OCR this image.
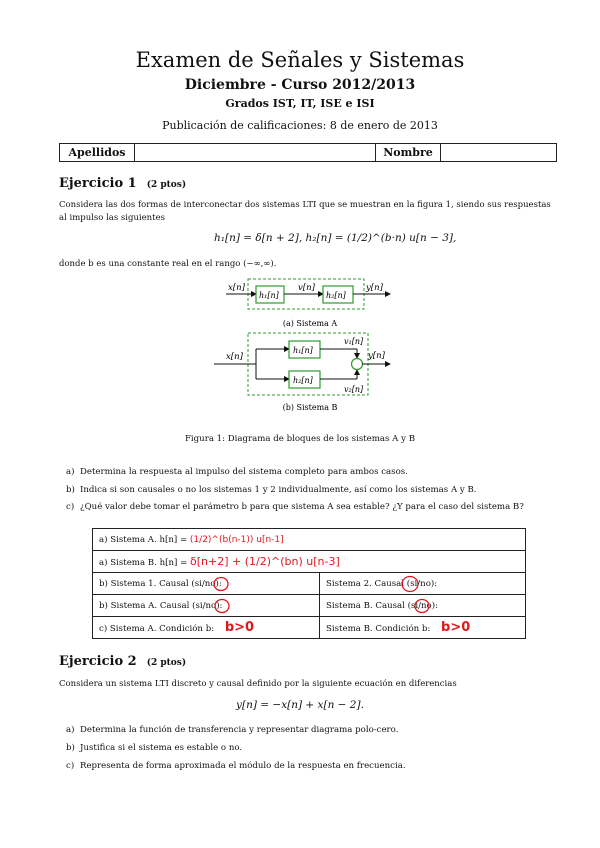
Examen de Señales y Sistemas
Diciembre - Curso 2012/2013
Grados IST, IT, ISE e ISI
Publicación de calificaciones: 8 de enero de 2013
Apellidos		Nombre	
Ejercicio 1 (2 ptos)
Considera las dos formas de interconectar dos sistemas LTI que se muestran en la figura 1, siendo sus respuestas
al impulso las siguientes
h₁[n] = δ[n + 2], h₂[n] = (1/2)^(b·n) u[n − 3],
donde b es una constante real en el rango (−∞,∞).
x[n]
h₁[n]
v[n]
h₂[n]
y[n]
(a) Sistema A
x[n]
h₁[n]
h₂[n]
v₁[n]
v₂[n]
y[n]
(b) Sistema B
Figura 1: Diagrama de bloques de los sistemas A y B
a) Determina la respuesta al impulso del sistema completo para ambos casos.
b) Indica si son causales o no los sistemas 1 y 2 individualmente, así como los sistemas A y B.
c) ¿Qué valor debe tomar el parámetro b para que sistema A sea estable? ¿Y para el caso del sistema B?
a) Sistema A. h[n] = (1/2)^(b(n-1)) u[n-1]	
a) Sistema B. h[n] = δ[n+2] + (1/2)^(bn) u[n-3]	
b) Sistema 1. Causal (si/no):	Sistema 2. Causal (si/no):

b) Sistema A. Causal (si/no):	Sistema B. Causal (si/no):

c) Sistema A. Condición b: b>0	Sistema B. Condición b: b>0
Ejercicio 2 (2 ptos)
Considera un sistema LTI discreto y causal definido por la siguiente ecuación en diferencias
y[n] = −x[n] + x[n − 2].
a) Determina la función de transferencia y representar diagrama polo-cero.
b) Justifica si el sistema es estable o no.
c) Representa de forma aproximada el módulo de la respuesta en frecuencia.
